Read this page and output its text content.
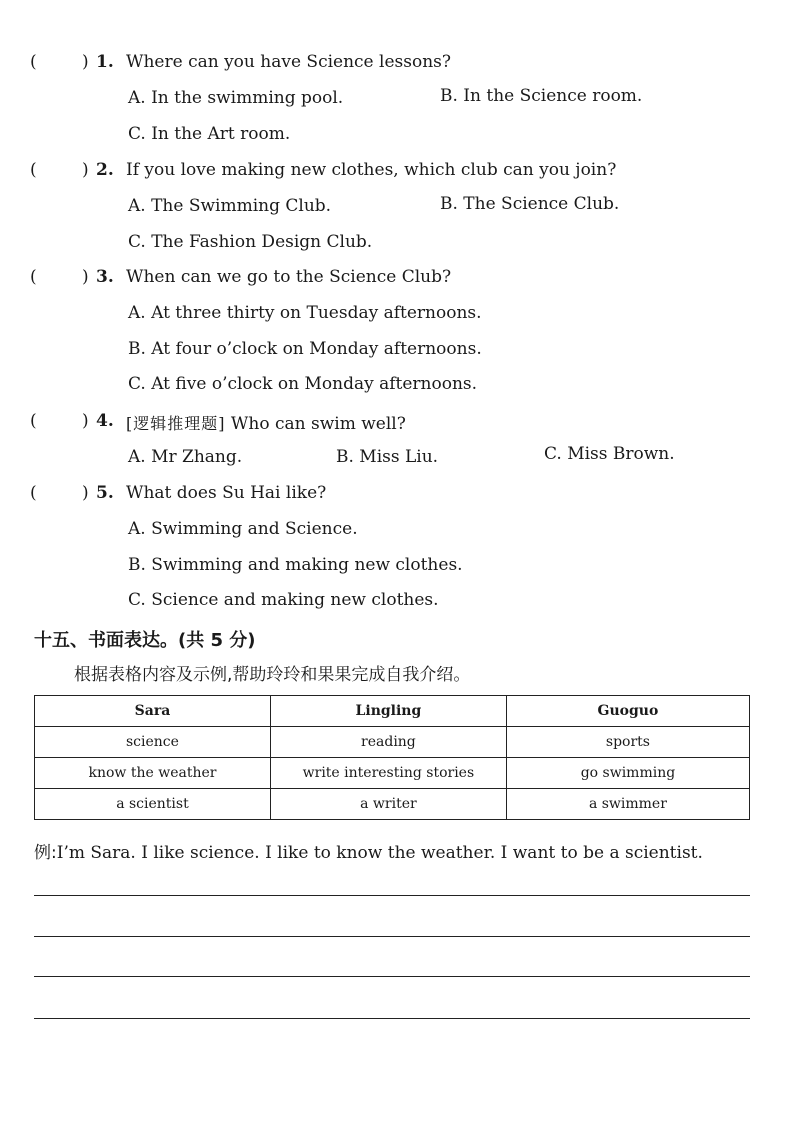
(	) 1. Where can you have Science lessons?
A. In the swimming pool.	B. In the Science room.
C. In the Art room.
(	) 2. If you love making new clothes, which club can you join?
A. The Swimming Club.	B. The Science Club.
C. The Fashion Design Club.
(	) 3. When can we go to the Science Club?
A. At three thirty on Tuesday afternoons.
B. At four o’clock on Monday afternoons.
C. At five o’clock on Monday afternoons.
(	) 4. [逻辑推理题] Who can swim well?
A. Mr Zhang.	B. Miss Liu.	C. Miss Brown.
(	) 5. What does Su Hai like?
A. Swimming and Science.
B. Swimming and making new clothes.
C. Science and making new clothes.
十五、书面表达。(共 5 分)
根据表格内容及示例,帮助玲玲和果果完成自我介绍。
Sara	Lingling	Guoguo
science	reading	sports
know the weather	write interesting stories	go swimming
a scientist	a writer	a swimmer
例:I’m Sara. I like science. I like to know the weather. I want to be a scientist.
